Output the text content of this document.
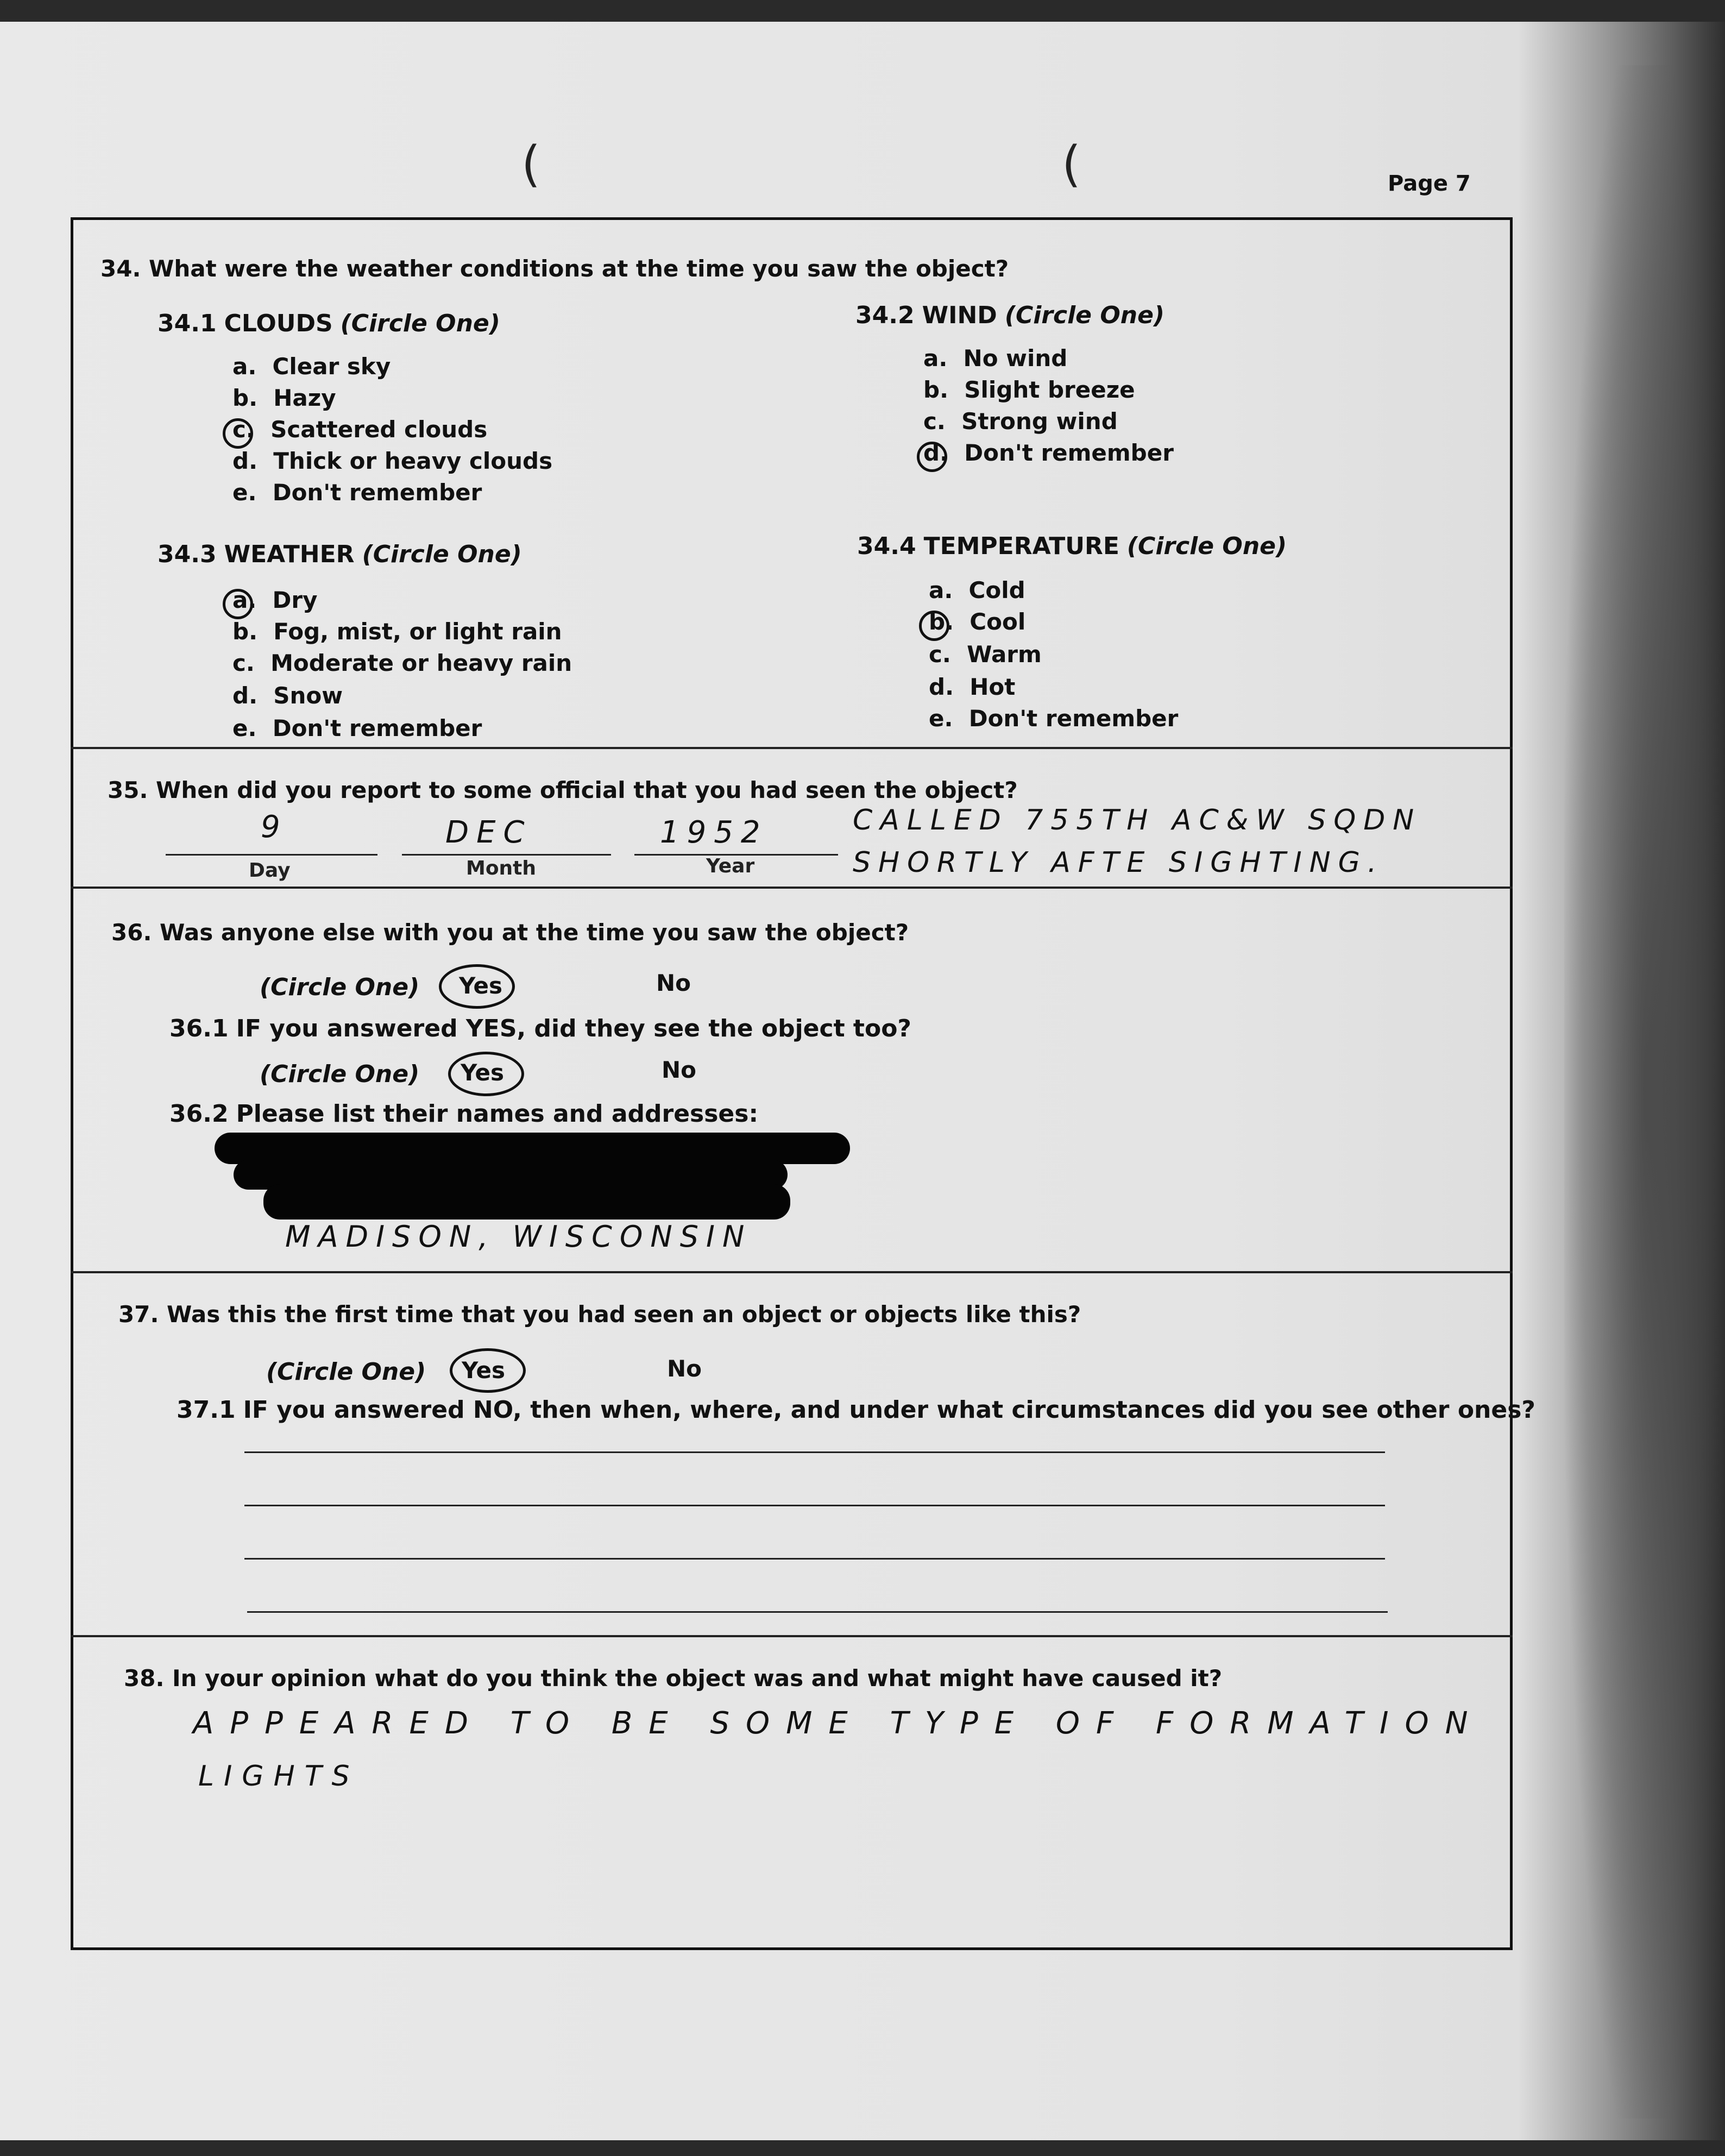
(	(	Page 7
34. What were the weather conditions at the time you saw the object?
34.1 CLOUDS (Circle One)
a. Clear sky
b. Hazy
c. Scattered clouds
d. Thick or heavy clouds
e. Don't remember
34.2 WIND (Circle One)
a. No wind
b. Slight breeze
c. Strong wind
d. Don't remember
34.3 WEATHER (Circle One)
a. Dry
b. Fog, mist, or light rain
c. Moderate or heavy rain
d. Snow
e. Don't remember
34.4 TEMPERATURE (Circle One)
a. Cold
b. Cool
c. Warm
d. Hot
e. Don't remember
35. When did you report to some official that you had seen the object?
9	DEC	1952
Day	Month	Year
CALLED 755TH AC&W SQDN
SHORTLY AFTE SIGHTING.
36. Was anyone else with you at the time you saw the object?
(Circle One) Yes	No
36.1 IF you answered YES, did they see the object too?
(Circle One) Yes	No
36.2 Please list their names and addresses:
MADISON, WISCONSIN
37. Was this the first time that you had seen an object or objects like this?
(Circle One) Yes	No
37.1 IF you answered NO, then when, where, and under what circumstances did you see other ones?
38. In your opinion what do you think the object was and what might have caused it?
APPEARED TO BE SOME TYPE OF FORMATION
LIGHTS
